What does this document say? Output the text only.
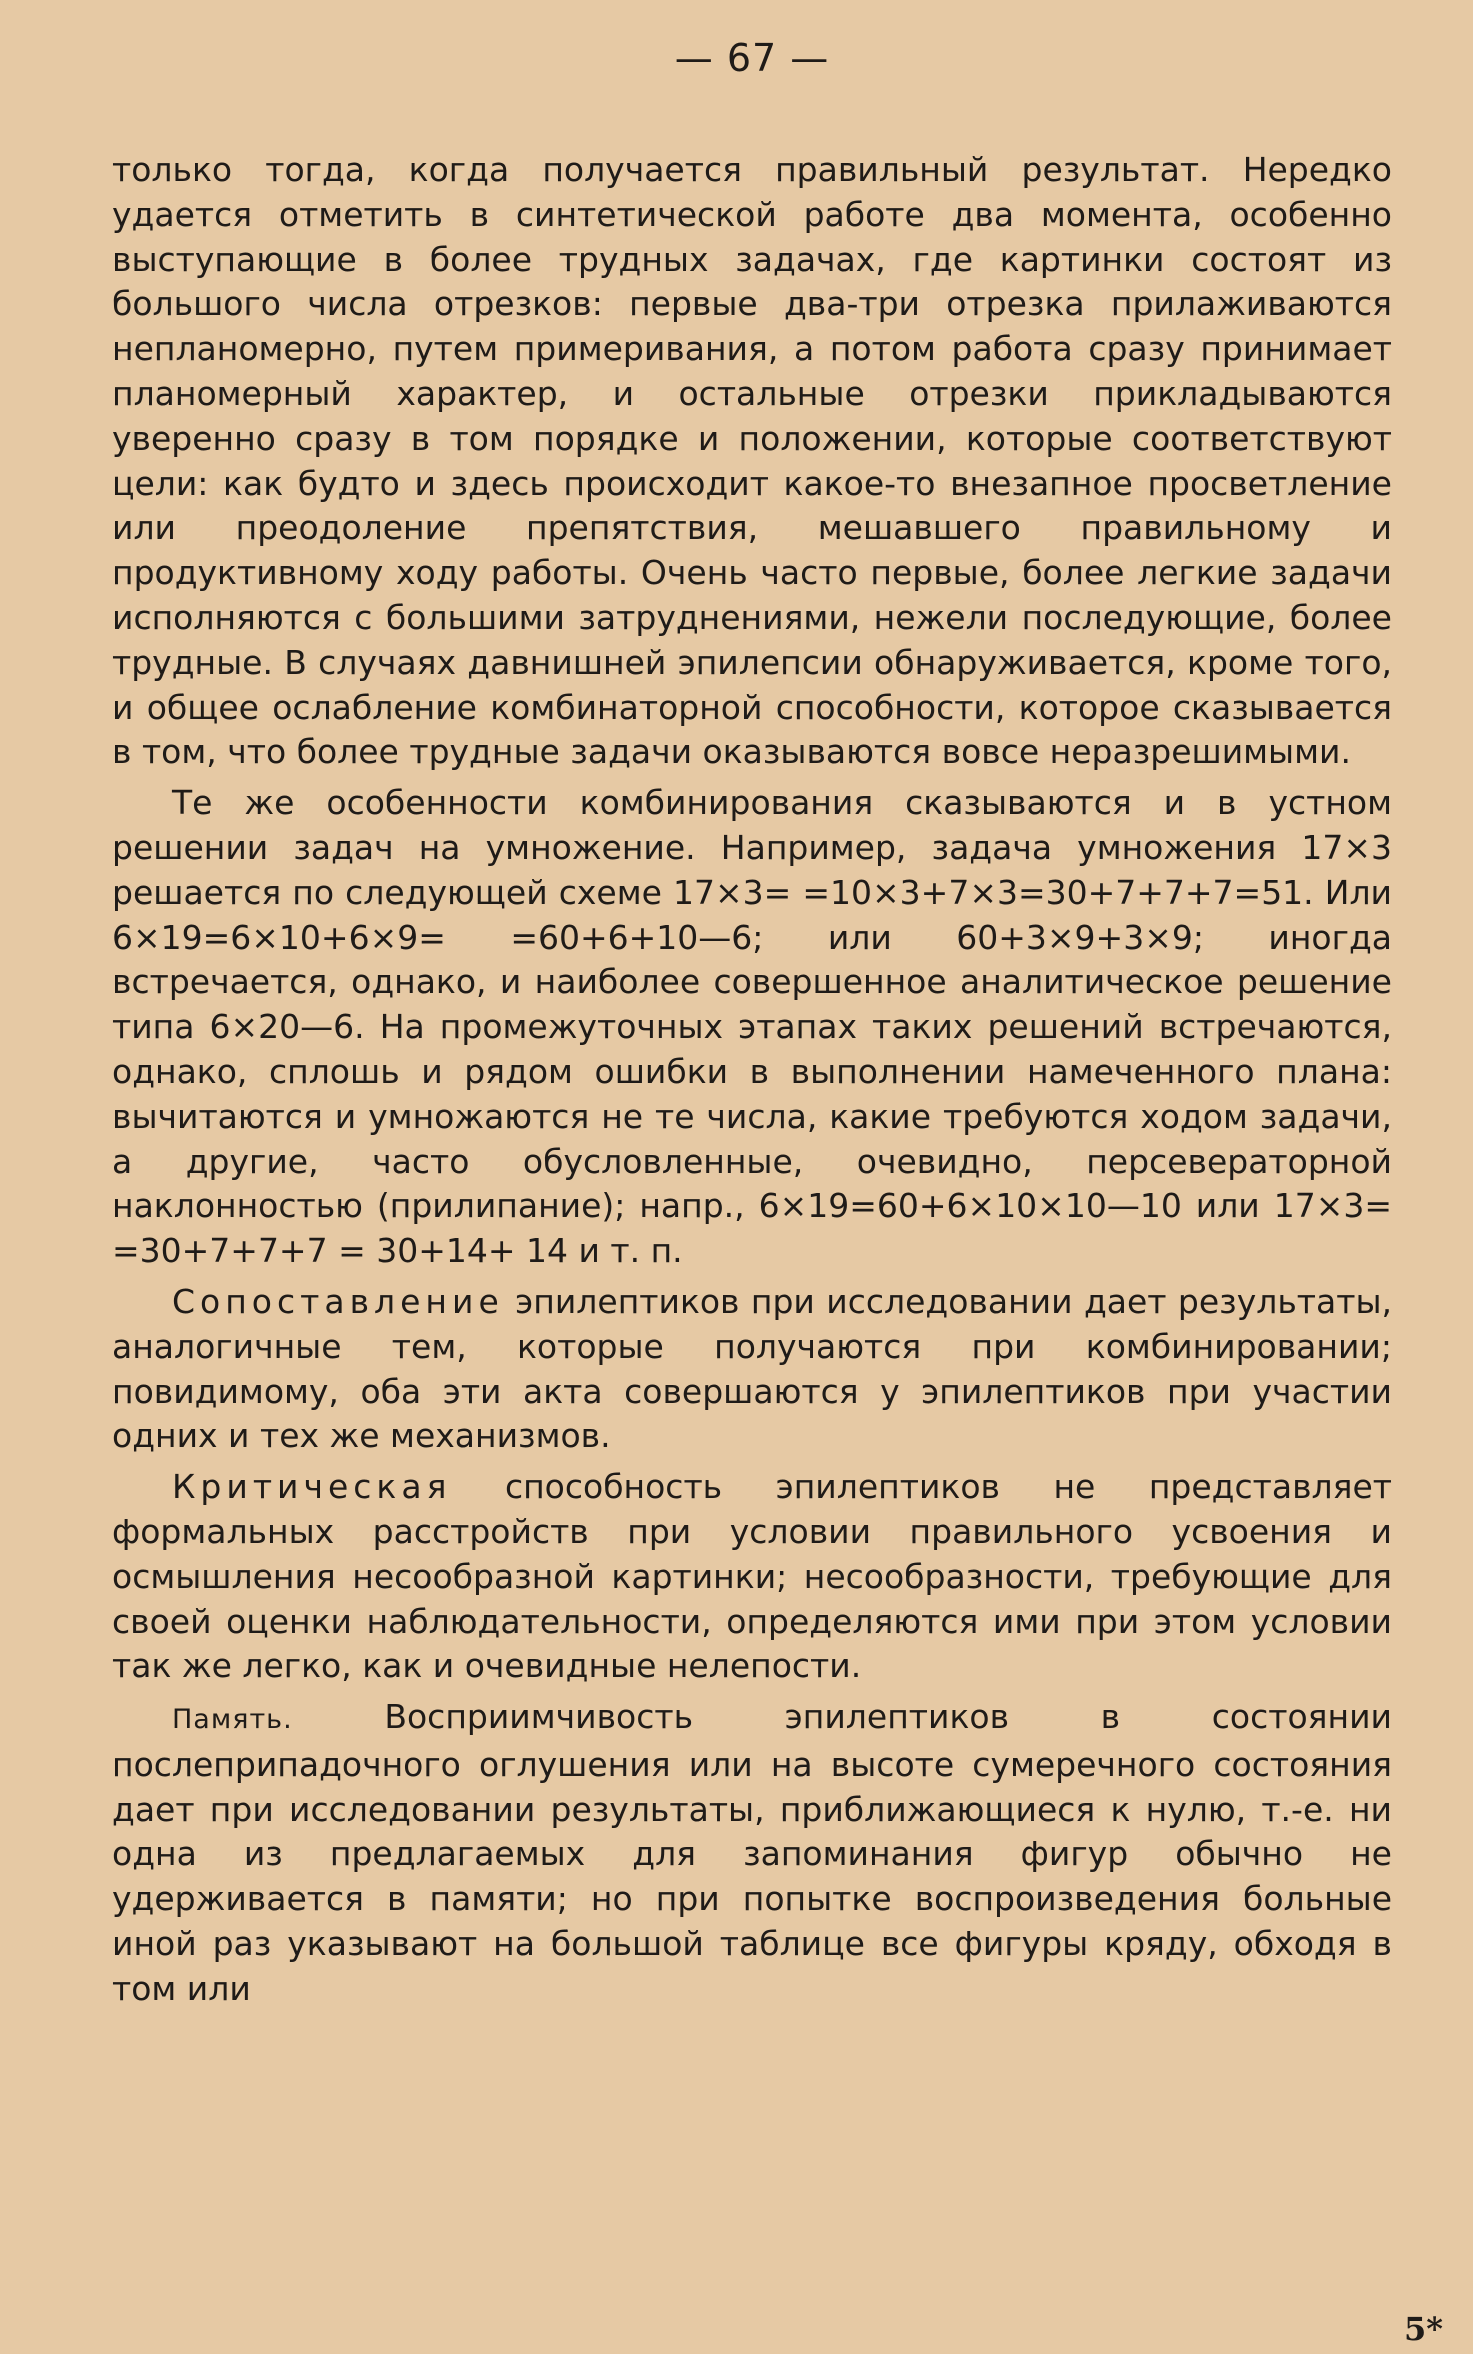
— 67 —

только тогда, когда получается правильный результат. Нередко удается отметить в синтетической работе два момента, особенно выступающие в более трудных задачах, где картинки состоят из большого числа отрезков: первые два-три отрезка прилаживаются непланомерно, путем примеривания, а потом работа сразу принимает планомерный характер, и остальные отрезки прикладываются уверенно сразу в том порядке и положении, которые соответствуют цели: как будто и здесь происходит какое-то внезапное просветление или преодоление препятствия, мешавшего правильному и продуктивному ходу работы. Очень часто первые, более легкие задачи исполняются с большими затруднениями, нежели последующие, более трудные. В случаях давнишней эпилепсии обнаруживается, кроме того, и общее ослабление комбинаторной способности, которое сказывается в том, что более трудные задачи оказываются вовсе неразрешимыми.

Те же особенности комбинирования сказываются и в устном решении задач на умножение. Например, задача умножения 17×3 решается по следующей схеме 17×3= =10×3+7×3=30+7+7+7=51. Или 6×19=6×10+6×9= =60+6+10—6; или 60+3×9+3×9; иногда встречается, однако, и наиболее совершенное аналитическое решение типа 6×20—6. На промежуточных этапах таких решений встречаются, однако, сплошь и рядом ошибки в выполнении намеченного плана: вычитаются и умножаются не те числа, какие требуются ходом задачи, а другие, часто обусловленные, очевидно, персевераторной наклонностью (прилипание); напр., 6×19=60+6×10×10—10 или 17×3= =30+7+7+7 = 30+14+ 14 и т. п.

Сопоставление эпилептиков при исследовании дает результаты, аналогичные тем, которые получаются при комбинировании; повидимому, оба эти акта совершаются у эпилептиков при участии одних и тех же механизмов.

Критическая способность эпилептиков не представляет формальных расстройств при условии правильного усвоения и осмышления несообразной картинки; несообразности, требующие для своей оценки наблюдательности, определяются ими при этом условии так же легко, как и очевидные нелепости.

Память. Восприимчивость эпилептиков в состоянии послеприпадочного оглушения или на высоте сумеречного состояния дает при исследовании результаты, приближающиеся к нулю, т.-е. ни одна из предлагаемых для запоминания фигур обычно не удерживается в памяти; но при попытке воспроизведения больные иной раз указывают на большой таблице все фигуры кряду, обходя в том или

5*
